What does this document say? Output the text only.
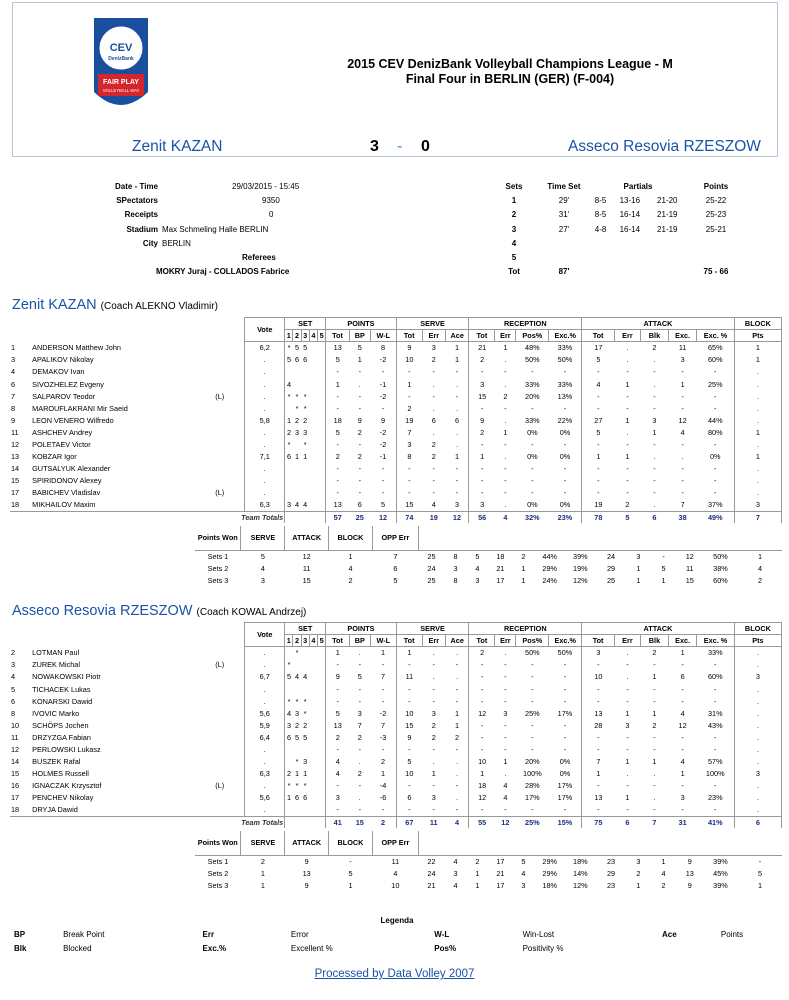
CEV
DenizBank
FAIR PLAY
VOLLEYBALL WAY
2015 CEV DenizBank Volleyball Champions League - M
Final Four in BERLIN (GER) (F-004)
Zenit KAZAN	3 - 0	Asseco Resovia RZESZOW
Date - Time	29/03/2015 - 15:45
SPectators	9350
Receipts	0
Stadium	Max Schmeling Halle BERLIN
City	BERLIN
	Referees
MOKRY Juraj - COLLADOS Fabrice	
Sets	Time Set	Partials			Points
1	29'	8-5	13-16	21-20	25-22
2	31'	8-5	16-14	21-19	25-23
3	27'	4-8	16-14	21-19	25-21
4					
5					
Tot	87'				75 - 66
Zenit KAZAN (Coach ALEKNO Vladimir)
			Vote	SET					POINTS			SERVE			RECEPTION				ATTACK					BLOCK
				1	2	3	4	5	Tot	BP	W-L	Tot	Err	Ace	Tot	Err	Pos%	Exc.%	Tot	Err	Blk	Exc.	Exc. %	Pts
1	ANDERSON Matthew John		6,2	*	5	5			13	5	8	9	3	1	21	1	48%	33%	17	.	2	11	65%	1
3	APALIKOV Nikolay		.	5	6	6			5	1	-2	10	2	1	2	.	50%	50%	5	.	.	3	60%	1
4	DEMAKOV Ivan		.						-	-	-	-	-	-	-	-	-	-	-	-	-	-	-	.
6	SIVOZHELEZ Evgeny		.	4					1	.	-1	1	.	.	3	.	33%	33%	4	1	.	1	25%	.
7	SALPAROV Teodor	(L)	.	*	*	*			-	-	-2	-	-	-	15	2	20%	13%	-	-	-	-	-	.
8	MAROUFLAKRANI Mir Saeid		.		*	*			-	-	-	2	.	.	-	-	-	-	-	-	-	-	-	.
9	LEON VENERO Wilfredo		5,8	1	2	2			18	9	9	19	6	6	9	.	33%	22%	27	1	3	12	44%	.
11	ASHCHEV Andrey		.	2	3	3			5	2	-2	7	.	.	2	1	0%	0%	5	.	1	4	80%	1
12	POLETAEV Victor		.	*		*			-	-	-2	3	2	.	-	-	-	-	-	-	-	-	-	.
13	KOBZAR Igor		7,1	6	1	1			2	2	-1	8	2	1	1	.	0%	0%	1	1	.	.	0%	1
14	GUTSALYUK Alexander		.						-	-	-	-	-	-	-	-	-	-	-	-	-	-	-	.
15	SPIRIDONOV Alexey		.						-	-	-	-	-	-	-	-	-	-	-	-	-	-	-	.
17	BABICHEV Vladislav	(L)	.						-	-	-	-	-	-	-	-	-	-	-	-	-	-	-	.
18	MIKHAILOV Maxim		6,3	3	4	4			13	6	5	15	4	3	3	.	0%	0%	19	2	.	7	37%	3
Team Totals									57	25	12	74	19	12	56	4	32%	23%	78	5	6	38	49%	7
Points Won	SERVE	ATTACK	BLOCK	OPP Err													
Sets 1	5	12	1	7	25	8	5	18	2	44%	39%	24	3	-	12	50%	1
Sets 2	4	11	4	6	24	3	4	21	1	29%	19%	29	1	5	11	38%	4
Sets 3	3	15	2	5	25	8	3	17	1	24%	12%	25	1	1	15	60%	2
Asseco Resovia RZESZOW (Coach KOWAL Andrzej)
			Vote	SET					POINTS			SERVE			RECEPTION				ATTACK					BLOCK
				1	2	3	4	5	Tot	BP	W-L	Tot	Err	Ace	Tot	Err	Pos%	Exc.%	Tot	Err	Blk	Exc.	Exc. %	Pts
2	LOTMAN Paul		.		*				1	.	1	1	.	.	2	.	50%	50%	3	.	2	1	33%	.
3	ZUREK Michal	(L)	.	*					-	-	-	-	-	-	-	-	-	-	-	-	-	-	-	.
4	NOWAKOWSKI Piotr		6,7	5	4	4			9	5	7	11	.	.	-	-	-	-	10	.	1	6	60%	3
5	TICHACEK Lukas		.						-	-	-	-	-	-	-	-	-	-	-	-	-	-	-	.
6	KONARSKI Dawid		.	*	*	*			-	-	-	-	-	-	-	-	-	-	-	-	-	-	-	.
8	IVOVIC Marko		5,6	4	3	*			5	3	-2	10	3	1	12	3	25%	17%	13	1	1	4	31%	.
10	SCHÖPS Jochen		5,9	3	2	2			13	7	7	15	2	1	-	-	-	-	28	3	2	12	43%	.
11	DRZYZGA Fabian		6,4	6	5	5			2	2	-3	9	2	2	-	-	-	-	-	-	-	-	-	.
12	PERLOWSKI Lukasz		.						-	-	-	-	-	-	-	-	-	-	-	-	-	-	-	.
14	BUSZEK Rafal		.		*	3			4	.	2	5	.	.	10	1	20%	0%	7	1	1	4	57%	.
15	HOLMES Russell		6,3	2	1	1			4	2	1	10	1	.	1	.	100%	0%	1	.	.	1	100%	3
16	IGNACZAK Krzysztof	(L)	.	*	*	*			-	-	-4	-	-	-	18	4	28%	17%	-	-	-	-	-	.
17	PENCHEV Nikolay		5,6	1	6	6			3	.	-6	6	3	.	12	4	17%	17%	13	1	.	3	23%	.
18	DRYJA Dawid		.						-	-	-	-	-	-	-	-	-	-	-	-	-	-	-	.
Team Totals									41	15	2	67	11	4	55	12	25%	15%	75	6	7	31	41%	6
Points Won	SERVE	ATTACK	BLOCK	OPP Err													
Sets 1	2	9	-	11	22	4	2	17	5	29%	18%	23	3	1	9	39%	-
Sets 2	1	13	5	4	24	3	1	21	4	29%	14%	29	2	4	13	45%	5
Sets 3	1	9	1	10	21	4	1	17	3	18%	12%	23	1	2	9	39%	1
Legenda							
BP	Break Point	Err	Error	W-L	Win-Lost	Ace	Points
Blk	Blocked	Exc.%	Excellent %	Pos%	Positivity %		
Processed by Data Volley 2007
